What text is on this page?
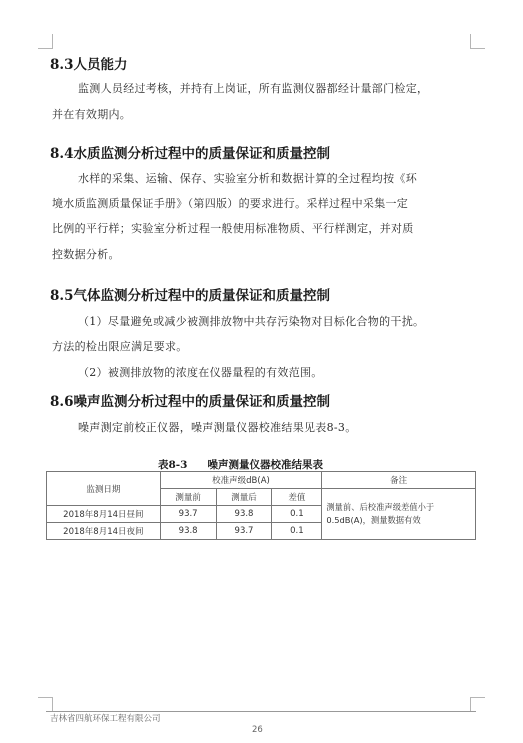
8.3人员能力
监测人员经过考核，并持有上岗证，所有监测仪器都经计量部门检定，
并在有效期内。
8.4水质监测分析过程中的质量保证和质量控制
水样的采集、运输、保存、实验室分析和数据计算的全过程均按《环
境水质监测质量保证手册》（第四版）的要求进行。采样过程中采集一定
比例的平行样；实验室分析过程一般使用标准物质、平行样测定，并对质
控数据分析。
8.5气体监测分析过程中的质量保证和质量控制
（1）尽量避免或减少被测排放物中共存污染物对目标化合物的干扰。
方法的检出限应满足要求。
（2）被测排放物的浓度在仪器量程的有效范围。
8.6噪声监测分析过程中的质量保证和质量控制
噪声测定前校正仪器，噪声测量仪器校准结果见表8-3。
表8-3 噪声测量仪器校准结果表
监测日期	校准声级dB(A)			备注
	测量前	测量后	差值	测量前、后校准声级差值小于
0.5dB(A)，测量数据有效

2018年8月14日昼间	93.7	93.8	0.1	
2018年8月14日夜间	93.8	93.7	0.1	
吉林省四航环保工程有限公司
26
